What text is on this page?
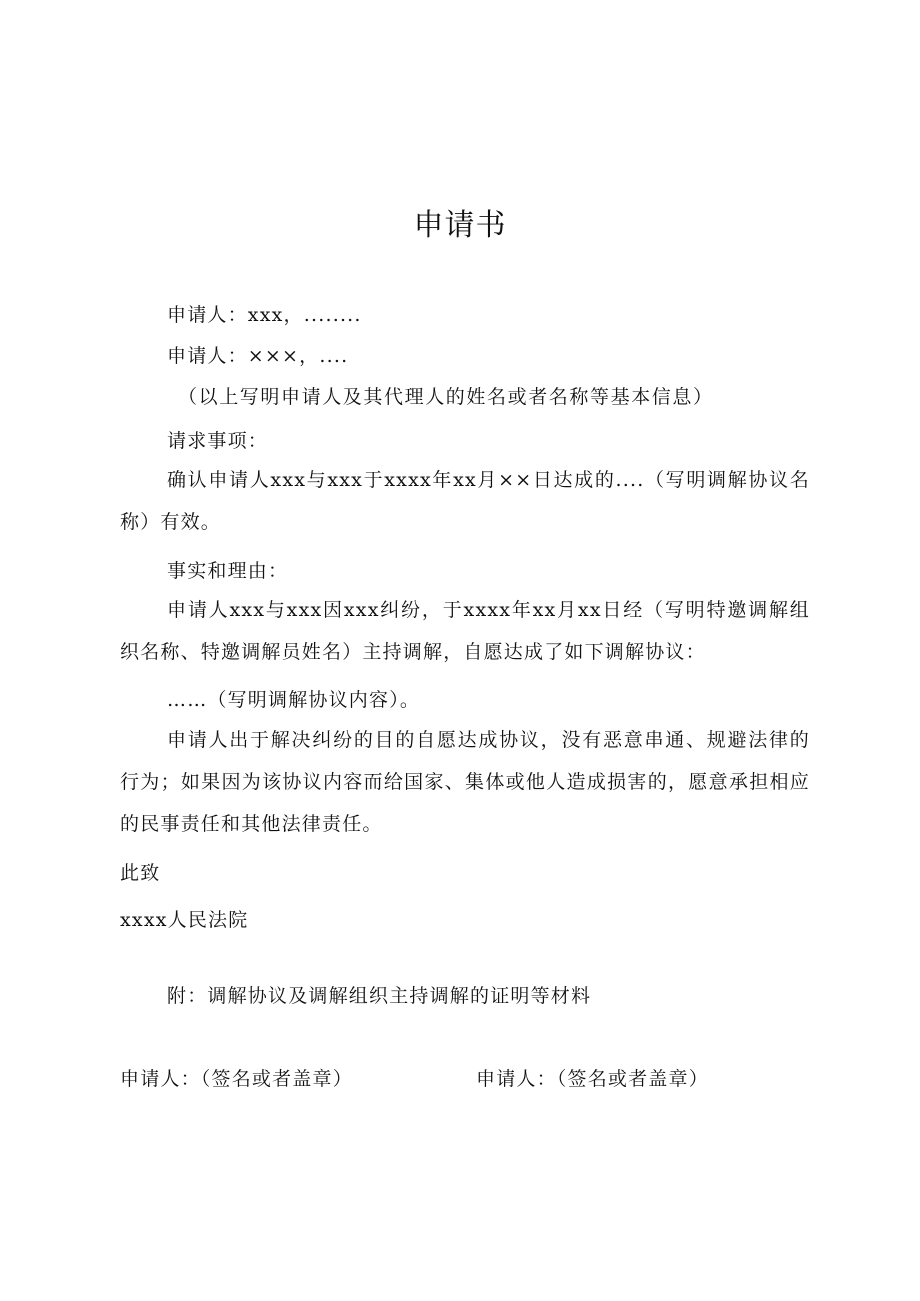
申请书
申请人：xxx，........
申请人：×××，....
（以上写明申请人及其代理人的姓名或者名称等基本信息）
请求事项：
确认申请人xxx与xxx于xxxx年xx月××日达成的....（写明调解协议名称）有效。
事实和理由：
申请人xxx与xxx因xxx纠纷，于xxxx年xx月xx日经（写明特邀调解组织名称、特邀调解员姓名）主持调解，自愿达成了如下调解协议：
……（写明调解协议内容）。
申请人出于解决纠纷的目的自愿达成协议，没有恶意串通、规避法律的行为；如果因为该协议内容而给国家、集体或他人造成损害的，愿意承担相应的民事责任和其他法律责任。
此致
xxxx人民法院
附：调解协议及调解组织主持调解的证明等材料
申请人：（签名或者盖章）	申请人：（签名或者盖章）
